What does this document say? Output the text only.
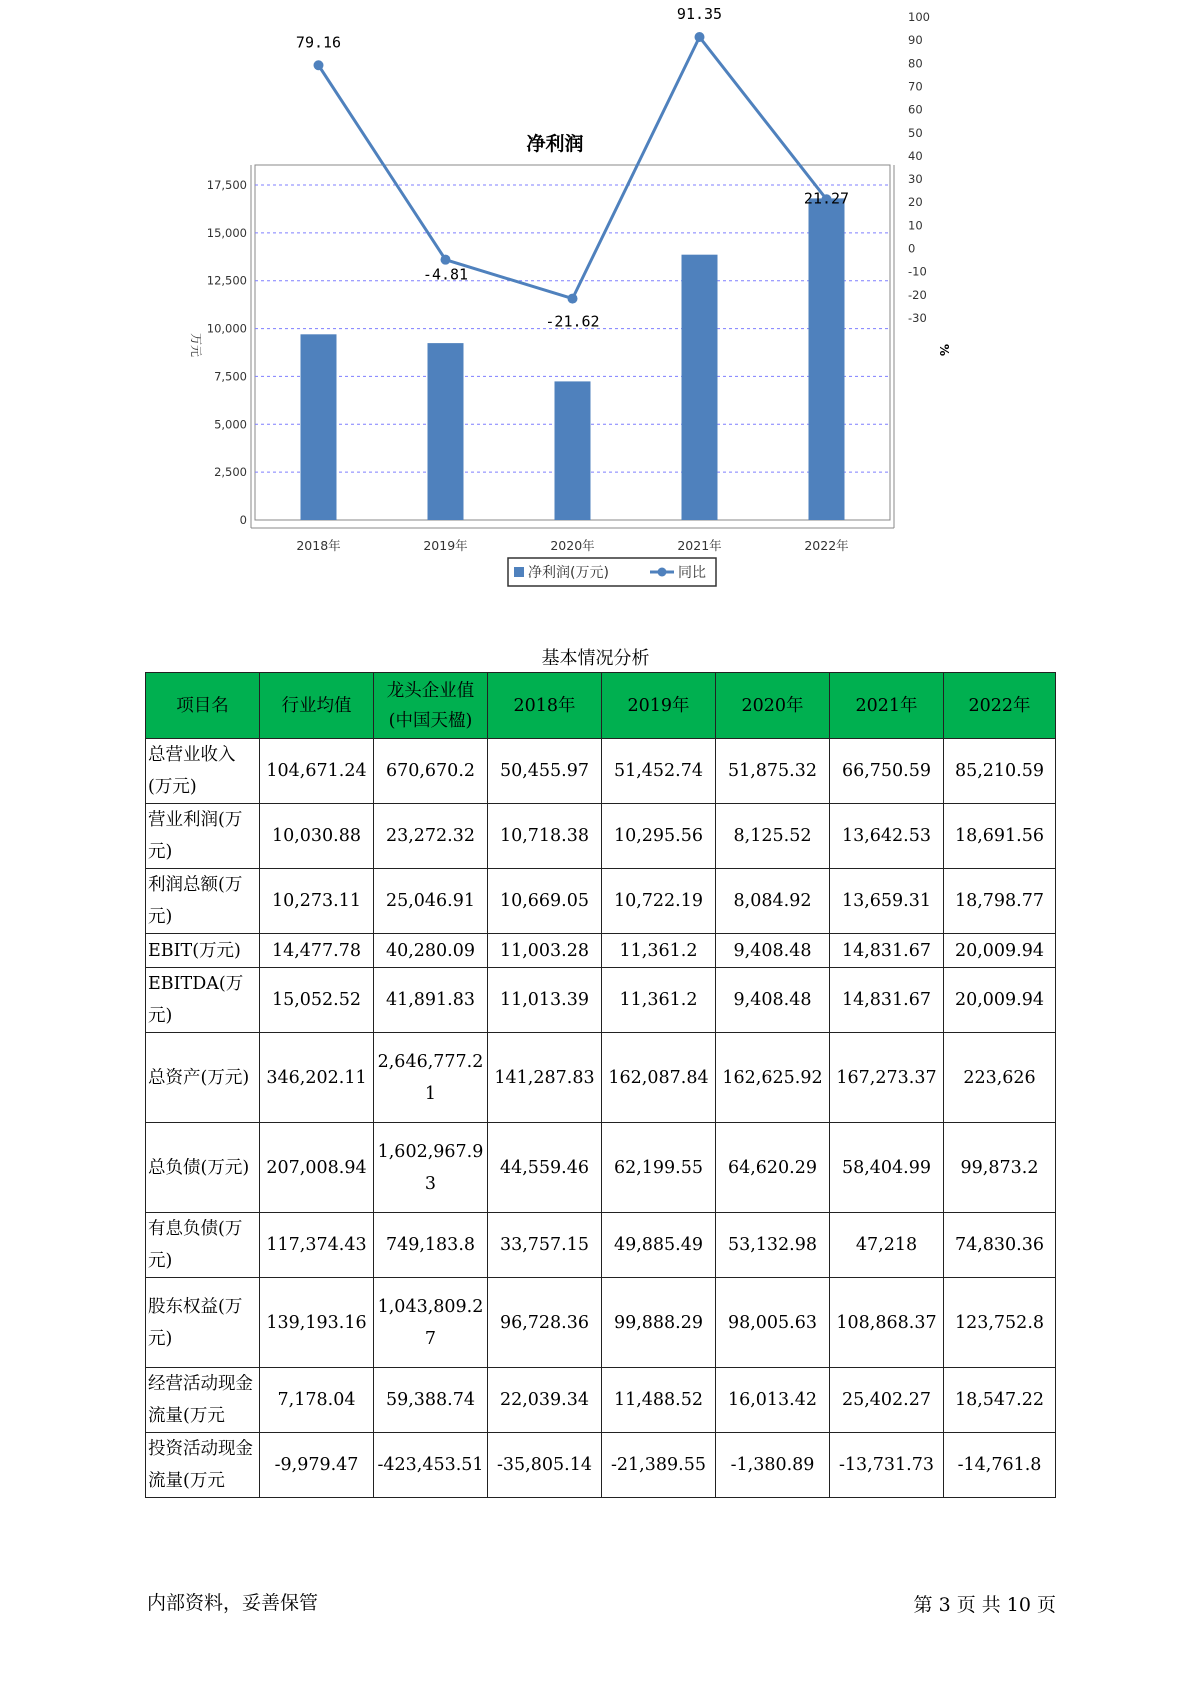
净利润
0
2,500
5,000
7,500
10,000
12,500
15,000
17,500
万元
-30
-20
-10
0
10
20
30
40
50
60
70
80
90
100
%
2018年	2019年	2020年	2021年	2022年
79.16
-4.81
-21.62
91.35
21.27
净利润(万元)	同比
基本情况分析
项目名	行业均值	龙头企业值(中国天楹)	2018年	2019年	2020年	2021年	2022年
总营业收入(万元)	104,671.24	670,670.2	50,455.97	51,452.74	51,875.32	66,750.59	85,210.59
营业利润(万元)	10,030.88	23,272.32	10,718.38	10,295.56	8,125.52	13,642.53	18,691.56
利润总额(万元)	10,273.11	25,046.91	10,669.05	10,722.19	8,084.92	13,659.31	18,798.77
EBIT(万元)	14,477.78	40,280.09	11,003.28	11,361.2	9,408.48	14,831.67	20,009.94
EBITDA(万元)	15,052.52	41,891.83	11,013.39	11,361.2	9,408.48	14,831.67	20,009.94
总资产(万元)	346,202.11	2,646,777.21	141,287.83	162,087.84	162,625.92	167,273.37	223,626
总负债(万元)	207,008.94	1,602,967.93	44,559.46	62,199.55	64,620.29	58,404.99	99,873.2
有息负债(万元)	117,374.43	749,183.8	33,757.15	49,885.49	53,132.98	47,218	74,830.36
股东权益(万元)	139,193.16	1,043,809.27	96,728.36	99,888.29	98,005.63	108,868.37	123,752.8
经营活动现金流量(万元	7,178.04	59,388.74	22,039.34	11,488.52	16,013.42	25,402.27	18,547.22
投资活动现金流量(万元	-9,979.47	-423,453.51	-35,805.14	-21,389.55	-1,380.89	-13,731.73	-14,761.8
内部资料，妥善保管	第 3 页 共 10 页
